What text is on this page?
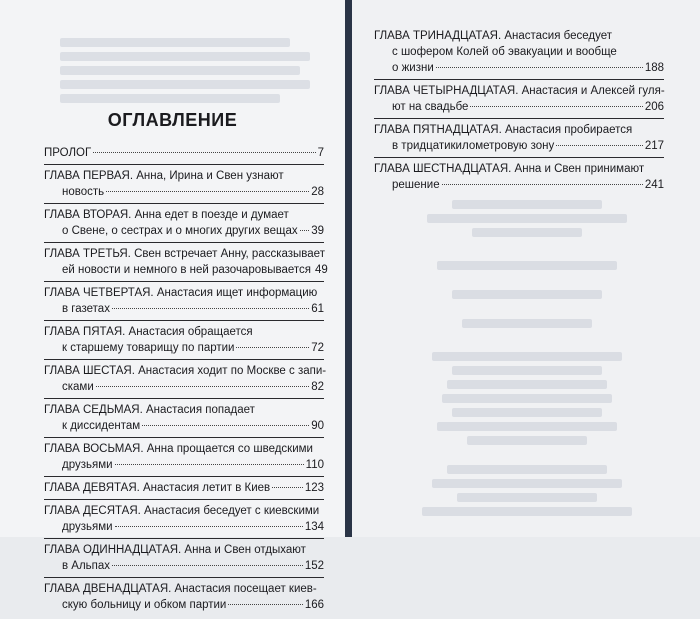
ОГЛАВЛЕНИЕ
ПРОЛОГ	7
ГЛАВА ПЕРВАЯ. Анна, Ирина и Свен узнают
новость	28
ГЛАВА ВТОРАЯ. Анна едет в поезде и думает
о Свене, о сестрах и о многих других вещах 39
ГЛАВА ТРЕТЬЯ. Свен встречает Анну, рассказывает
ей новости и немного в ней разочаровывается 49
ГЛАВА ЧЕТВЕРТАЯ. Анастасия ищет информацию
в газетах	61
ГЛАВА ПЯТАЯ. Анастасия обращается
к старшему товарищу по партии	72
ГЛАВА ШЕСТАЯ. Анастасия ходит по Москве с запи-
сками	82
ГЛАВА СЕДЬМАЯ. Анастасия попадает
к диссидентам	90
ГЛАВА ВОСЬМАЯ. Анна прощается со шведскими
друзьями	110
ГЛАВА ДЕВЯТАЯ. Анастасия летит в Киев	123
ГЛАВА ДЕСЯТАЯ. Анастасия беседует с киевскими
друзьями	134
ГЛАВА ОДИННАДЦАТАЯ. Анна и Свен отдыхают
в Альпах	152
ГЛАВА ДВЕНАДЦАТАЯ. Анастасия посещает киев-
скую больницу и обком партии	166
ГЛАВА ТРИНАДЦАТАЯ. Анастасия беседует
с шофером Колей об эвакуации и вообще
о жизни	188
ГЛАВА ЧЕТЫРНАДЦАТАЯ. Анастасия и Алексей гуля-
ют на свадьбе	206
ГЛАВА ПЯТНАДЦАТАЯ. Анастасия пробирается
в тридцатикилометровую зону	217
ГЛАВА ШЕСТНАДЦАТАЯ. Анна и Свен принимают
решение	241
